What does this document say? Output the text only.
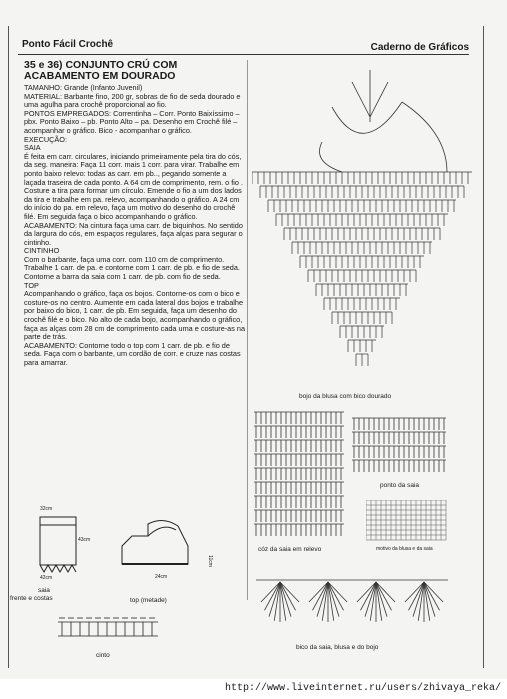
Ponto Fácil Crochê	Caderno de Gráficos
35 e 36) CONJUNTO CRÚ COM ACABAMENTO EM DOURADO

TAMANHO: Grande (Infanto Juvenil)

MATERIAL: Barbante fino, 200 gr, sobras de fio de seda dourado e uma agulha para crochê proporcional ao fio.

PONTOS EMPREGADOS: Correntinha – Corr. Ponto Baixíssimo – pbx. Ponto Baixo – pb. Ponto Alto – pa. Desenho em Crochê filé – acompanhar o gráfico. Bico - acompanhar o gráfico.

EXECUÇÃO:

SAIA

É feita em carr. circulares, iniciando primeiramente pela tira do cós, da seg. maneira: Faça 11 corr. mais 1 corr. para virar. Trabalhe em ponto baixo relevo: todas as carr. em pb.., pegando somente a laçada traseira de cada ponto. A 64 cm de comprimento, rem. o fio . Costure a tira para formar um círculo. Emende o fio a um dos lados da tira e trabalhe em pa. relevo, acompanhando o gráfico. A 24 cm do início do pa. em relevo, faça um motivo do desenho do crochê filé. Em seguida faça o bico acompanhando o gráfico.

ACABAMENTO: Na cintura faça uma carr. de biquinhos. No sentido da largura do cós, em espaços regulares, faça alças para segurar o cintinho.

CINTINHO

Com o barbante, faça uma corr. com 110 cm de comprimento. Trabalhe 1 carr. de pa. e contorne com 1 carr. de pb. e fio de seda.

Contorne a barra da saia com 1 carr. de pb. com fio de seda.

TOP

Acompanhando o gráfico, faça os bojos. Contorne-os com o bico e costure-os no centro. Aumente em cada lateral dos bojos e trabalhe por baixo do bico, 1 carr. de pb. Em seguida, faça um desenho do crochê filé e o bico. No alto de cada bojo, acompanhando o gráfico, faça as alças com 28 cm de comprimento cada uma e costure-as na parte de trás.

ACABAMENTO: Contorne todo o top com 1 carr. de pb. e fio de seda. Faça com o barbante, um cordão de corr. e cruze nas costas para amarrar.

32cm
43cm
42cm
saia
frente e costas
24cm
11cm
top (metade)
cinto
bojo da blusa com bico dourado
cóz da saia em relevo
ponto da saia
motivo da blusa e da saia
bico da saia, blusa e do bojo
http://www.liveinternet.ru/users/zhivaya_reka/
